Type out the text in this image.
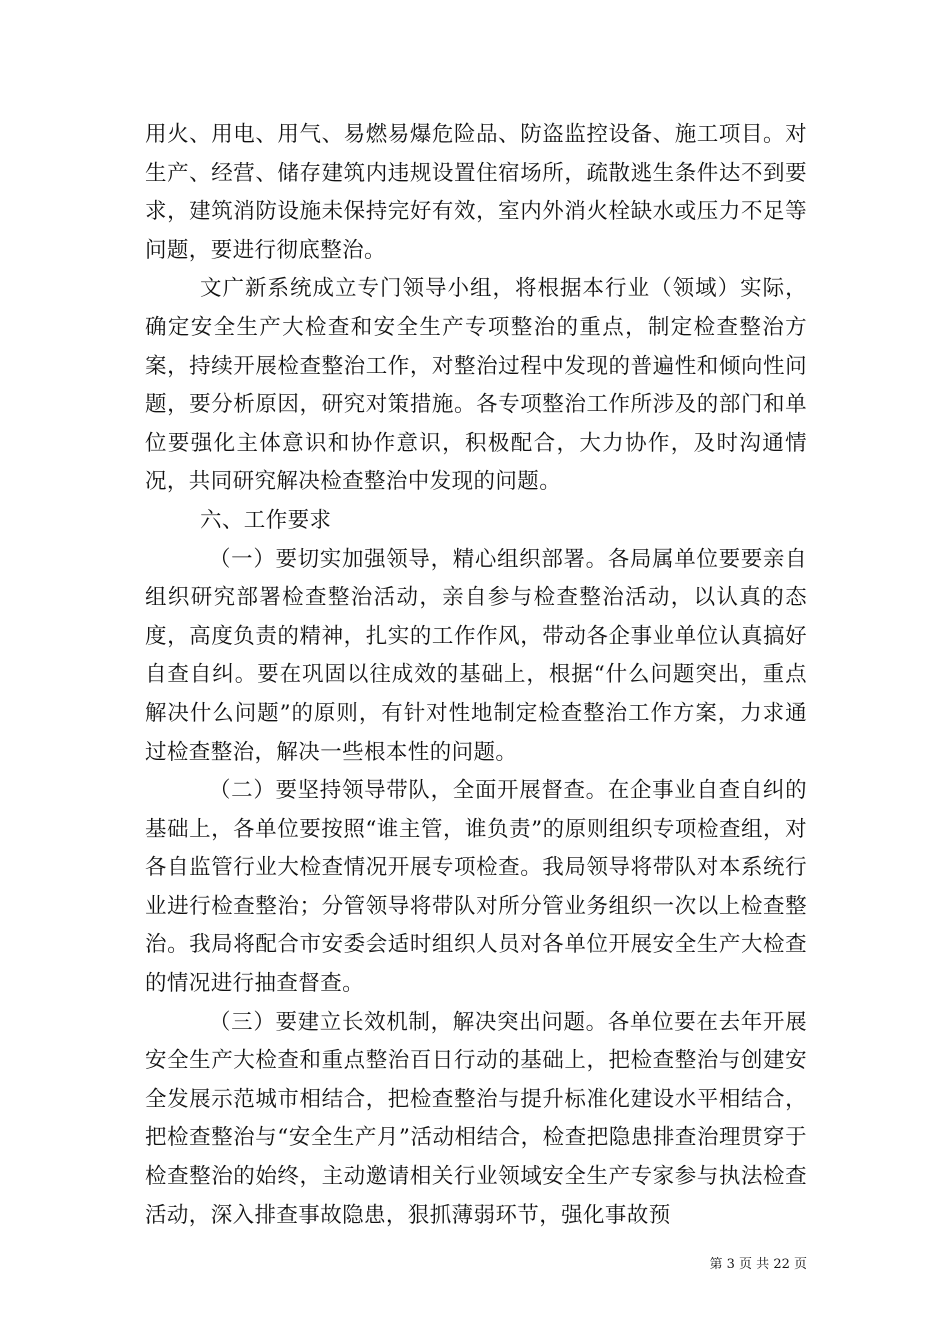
用火、用电、用气、易燃易爆危险品、防盗监控设备、施工项目。对生产、经营、储存建筑内违规设置住宿场所，疏散逃生条件达不到要求，建筑消防设施未保持完好有效，室内外消火栓缺水或压力不足等问题，要进行彻底整治。

文广新系统成立专门领导小组，将根据本行业（领域）实际，确定安全生产大检查和安全生产专项整治的重点，制定检查整治方案，持续开展检查整治工作，对整治过程中发现的普遍性和倾向性问题，要分析原因，研究对策措施。各专项整治工作所涉及的部门和单位要强化主体意识和协作意识，积极配合，大力协作，及时沟通情况，共同研究解决检查整治中发现的问题。

六、工作要求

（一）要切实加强领导，精心组织部署。各局属单位要要亲自组织研究部署检查整治活动，亲自参与检查整治活动，以认真的态度，高度负责的精神，扎实的工作作风，带动各企事业单位认真搞好自查自纠。要在巩固以往成效的基础上，根据“什么问题突出，重点解决什么问题”的原则，有针对性地制定检查整治工作方案，力求通过检查整治，解决一些根本性的问题。

（二）要坚持领导带队，全面开展督查。在企事业自查自纠的基础上，各单位要按照“谁主管，谁负责”的原则组织专项检查组，对各自监管行业大检查情况开展专项检查。我局领导将带队对本系统行业进行检查整治；分管领导将带队对所分管业务组织一次以上检查整治。我局将配合市安委会适时组织人员对各单位开展安全生产大检查的情况进行抽查督查。

（三）要建立长效机制，解决突出问题。各单位要在去年开展安全生产大检查和重点整治百日行动的基础上，把检查整治与创建安全发展示范城市相结合，把检查整治与提升标准化建设水平相结合，把检查整治与“安全生产月”活动相结合，检查把隐患排查治理贯穿于检查整治的始终，主动邀请相关行业领域安全生产专家参与执法检查活动，深入排查事故隐患，狠抓薄弱环节，强化事故预

第 3 页 共 22 页
